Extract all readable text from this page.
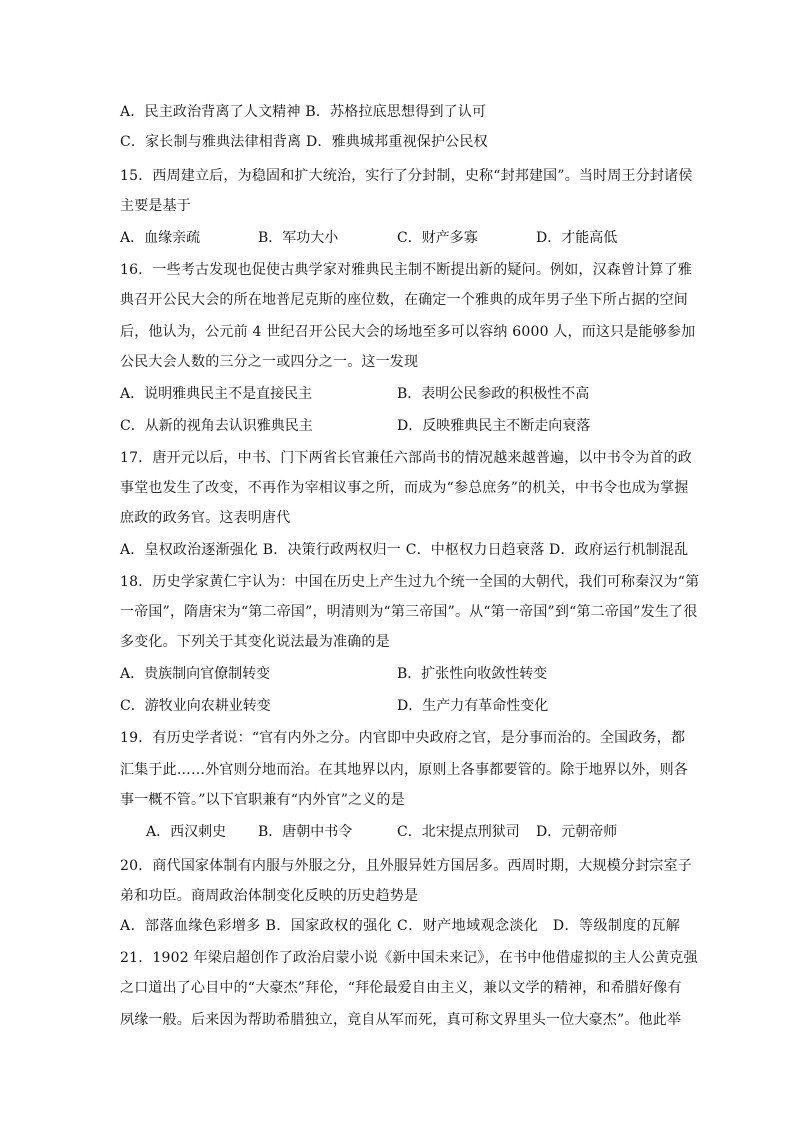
A．民主政治背离了人文精神 B．苏格拉底思想得到了认可
C．家长制与雅典法律相背离 D．雅典城邦重视保护公民权
15．西周建立后，为稳固和扩大统治，实行了分封制，史称“封邦建国”。当时周王分封诸侯
主要是基于
A．血缘亲疏	B．军功大小	C．财产多寡	D．才能高低
16．一些考古发现也促使古典学家对雅典民主制不断提出新的疑问。例如，汉森曾计算了雅
典召开公民大会的所在地普尼克斯的座位数，在确定一个雅典的成年男子坐下所占据的空间
后，他认为，公元前 4 世纪召开公民大会的场地至多可以容纳 6000 人，而这只是能够参加
公民大会人数的三分之一或四分之一。这一发现
A．说明雅典民主不是直接民主	B．表明公民参政的积极性不高
C．从新的视角去认识雅典民主	D．反映雅典民主不断走向衰落
17．唐开元以后，中书、门下两省长官兼任六部尚书的情况越来越普遍，以中书令为首的政
事堂也发生了改变，不再作为宰相议事之所，而成为“参总庶务”的机关，中书令也成为掌握
庶政的政务官。这表明唐代
A．皇权政治逐渐强化 B．决策行政两权归一 C．中枢权力日趋衰落 D．政府运行机制混乱
18．历史学家黄仁宇认为：中国在历史上产生过九个统一全国的大朝代，我们可称秦汉为“第
一帝国”，隋唐宋为“第二帝国”，明清则为“第三帝国”。从“第一帝国”到“第二帝国”发生了很
多变化。下列关于其变化说法最为准确的是
A．贵族制向官僚制转变	B．扩张性向收敛性转变
C．游牧业向农耕业转变	D．生产力有革命性变化
19．有历史学者说：“官有内外之分。内官即中央政府之官，是分事而治的。全国政务，都
汇集于此……外官则分地而治。在其地界以内，原则上各事都要管的。除于地界以外，则各
事一概不管。”以下官职兼有“内外官”之义的是
A．西汉刺史 B．唐朝中书令	C．北宋提点刑狱司 D．元朝帝师
20．商代国家体制有内服与外服之分，且外服异姓方国居多。西周时期，大规模分封宗室子
弟和功臣。商周政治体制变化反映的历史趋势是
A．部落血缘色彩增多 B．国家政权的强化 C．财产地域观念淡化　D．等级制度的瓦解
21．1902 年梁启超创作了政治启蒙小说《新中国未来记》，在书中他借虚拟的主人公黄克强
之口道出了心目中的“大豪杰”拜伦，“拜伦最爱自由主义，兼以文学的精神，和希腊好像有
夙缘一般。后来因为帮助希腊独立，竟自从军而死，真可称文界里头一位大豪杰”。他此举
